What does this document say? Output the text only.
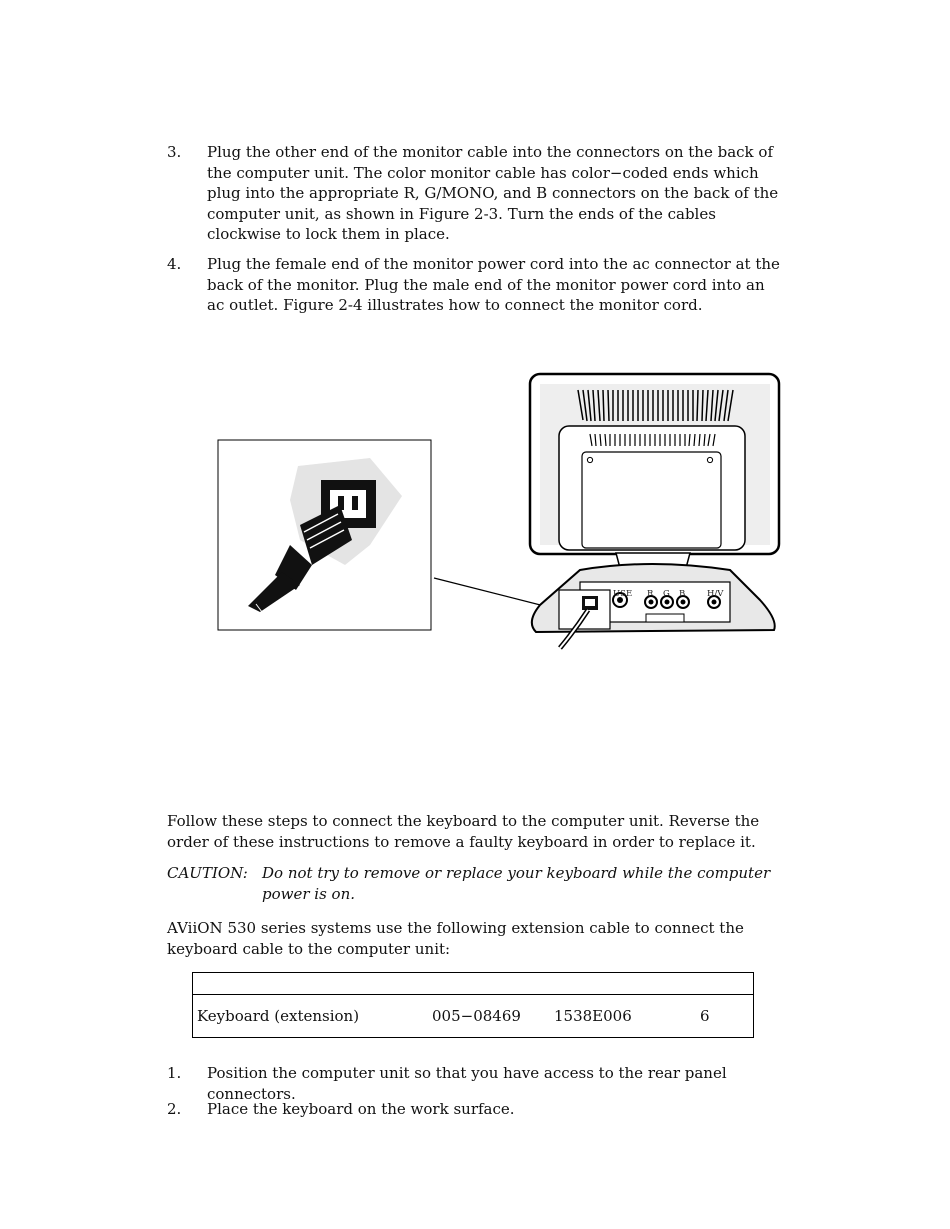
3. Plug the other end of the monitor cable into the connectors on the back of the computer unit. The color monitor cable has color−coded ends which plug into the appropriate R, G/MONO, and B connectors on the back of the computer unit, as shown in Figure 2-3. Turn the ends of the cables clockwise to lock them in place.
4. Plug the female end of the monitor power cord into the ac connector at the back of the monitor. Plug the male end of the monitor power cord into an ac outlet. Figure 2-4 illustrates how to connect the monitor cord.
USE R G B	H/V
Follow these steps to connect the keyboard to the computer unit. Reverse the order of these instructions to remove a faulty keyboard in order to replace it.
CAUTION: Do not try to remove or replace your keyboard while the computer power is on.
AViiON 530 series systems use the following extension cable to connect the keyboard cable to the computer unit:
Keyboard (extension)	005−08469 1538E006	6
1. Position the computer unit so that you have access to the rear panel connectors.
2. Place the keyboard on the work surface.
